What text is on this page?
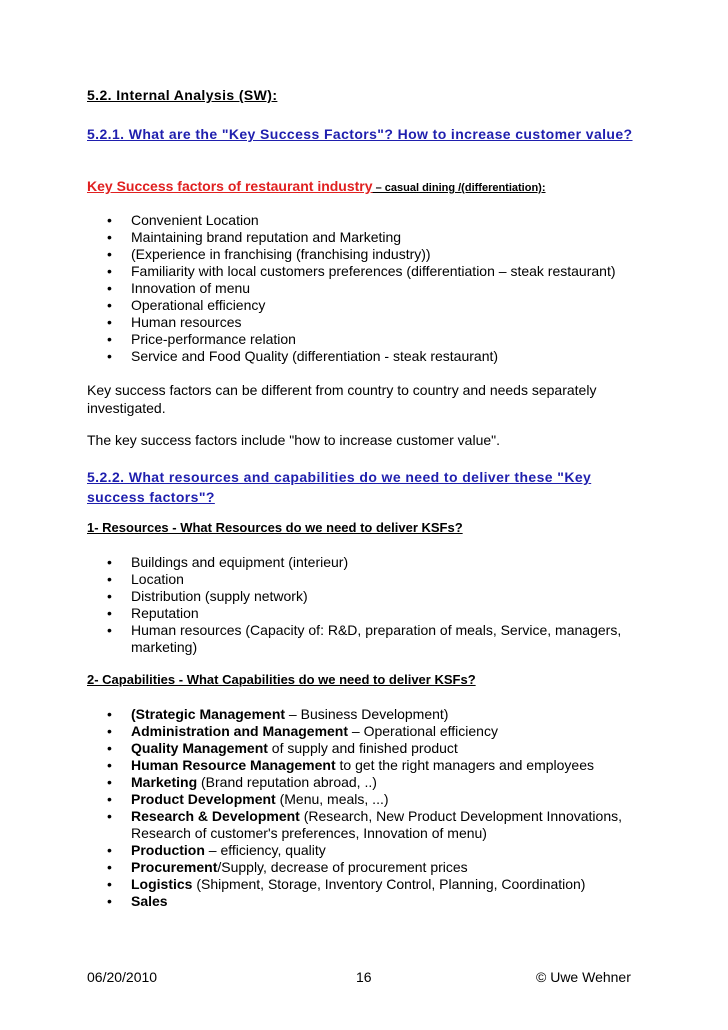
5.2. Internal Analysis (SW):
5.2.1. What are the "Key Success Factors"? How to increase customer value?
Key Success factors of restaurant industry – casual dining /(differentiation):
• Convenient Location
• Maintaining brand reputation and Marketing
• (Experience in franchising (franchising industry))
• Familiarity with local customers preferences (differentiation – steak restaurant)
• Innovation of menu
• Operational efficiency
• Human resources
• Price-performance relation
• Service and Food Quality (differentiation - steak restaurant)
Key success factors can be different from country to country and needs separately investigated.
The key success factors include "how to increase customer value".
5.2.2. What resources and capabilities do we need to deliver these "Key success factors"?
1- Resources - What Resources do we need to deliver KSFs?
• Buildings and equipment (interieur)
• Location
• Distribution (supply network)
• Reputation
• Human resources (Capacity of: R&D, preparation of meals, Service, managers, marketing)
2- Capabilities - What Capabilities do we need to deliver KSFs?
• (Strategic Management – Business Development)
• Administration and Management – Operational efficiency
• Quality Management of supply and finished product
• Human Resource Management to get the right managers and employees
• Marketing (Brand reputation abroad, ..)
• Product Development (Menu, meals, ...)
• Research & Development (Research, New Product Development Innovations, Research of customer's preferences, Innovation of menu)
• Production – efficiency, quality
• Procurement/Supply, decrease of procurement prices
• Logistics (Shipment, Storage, Inventory Control, Planning, Coordination)
• Sales
06/20/2010	16	© Uwe Wehner
